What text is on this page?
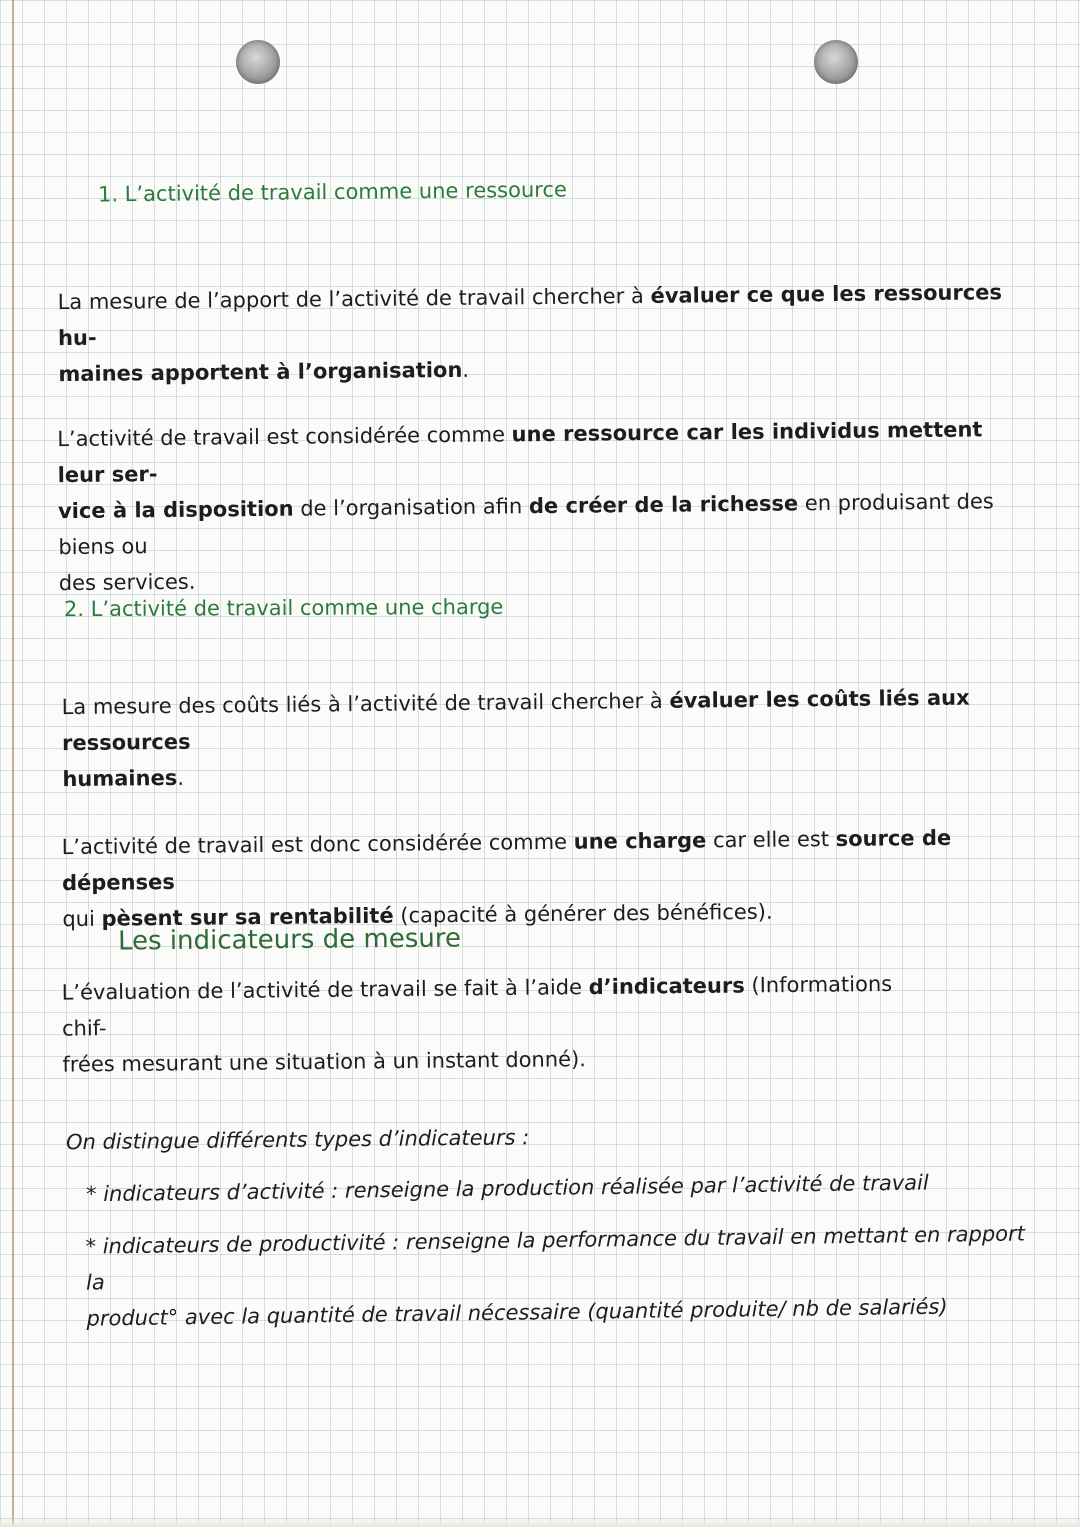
1. L’activité de travail comme une ressource
La mesure de l’apport de l’activité de travail chercher à évaluer ce que les ressources hu-
maines apportent à l’organisation.
L’activité de travail est considérée comme une ressource car les individus mettent leur ser-
vice à la disposition de l’organisation afin de créer de la richesse en produisant des biens ou
des services.
2. L’activité de travail comme une charge
La mesure des coûts liés à l’activité de travail chercher à évaluer les coûts liés aux ressources
humaines.
L’activité de travail est donc considérée comme une charge car elle est source de dépenses
qui pèsent sur sa rentabilité (capacité à générer des bénéfices).
Les indicateurs de mesure
L’évaluation de l’activité de travail se fait à l’aide d’indicateurs (Informations chif-
frées mesurant une situation à un instant donné).
On distingue différents types d’indicateurs :
* indicateurs d’activité : renseigne la production réalisée par l’activité de travail
* indicateurs de productivité : renseigne la performance du travail en mettant en rapport la
product° avec la quantité de travail nécessaire (quantité produite/ nb de salariés)
